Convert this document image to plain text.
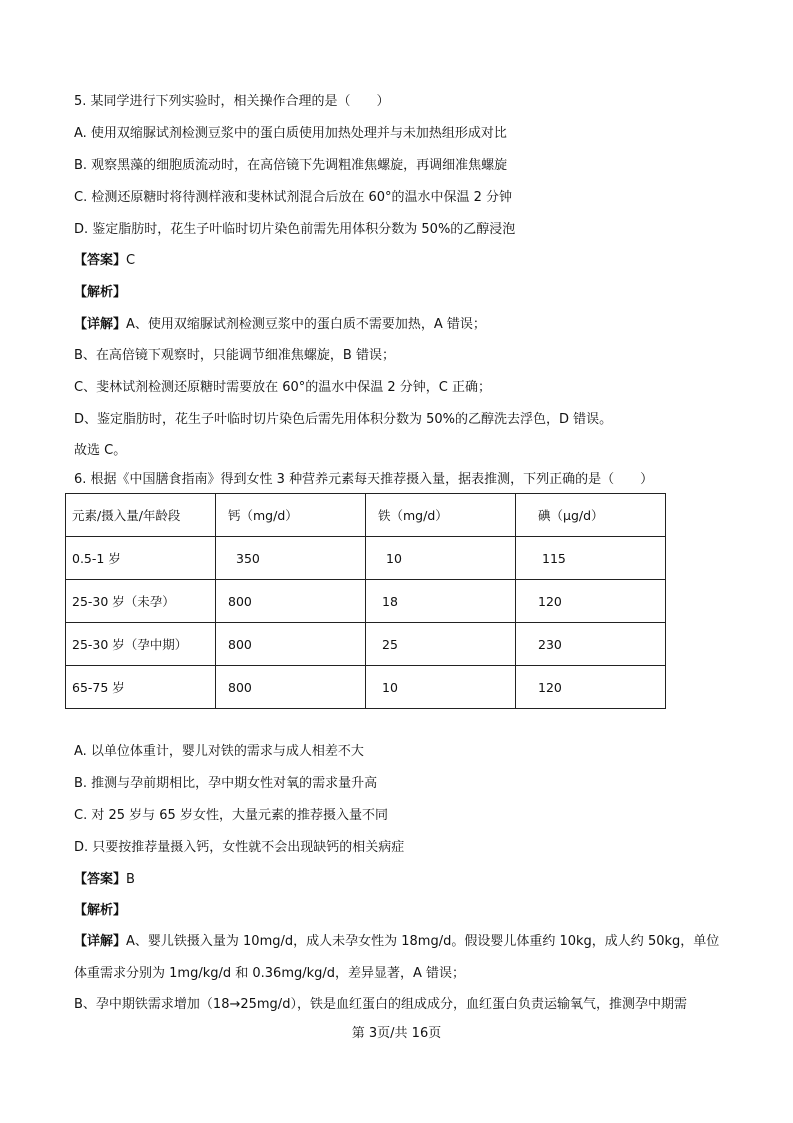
5. 某同学进行下列实验时，相关操作合理的是（　　）
A. 使用双缩脲试剂检测豆浆中的蛋白质使用加热处理并与未加热组形成对比
B. 观察黑藻的细胞质流动时，在高倍镜下先调粗准焦螺旋，再调细准焦螺旋
C. 检测还原糖时将待测样液和斐林试剂混合后放在 60°的温水中保温 2 分钟
D. 鉴定脂肪时，花生子叶临时切片染色前需先用体积分数为 50%的乙醇浸泡
【答案】C
【解析】
【详解】A、使用双缩脲试剂检测豆浆中的蛋白质不需要加热，A 错误；
B、在高倍镜下观察时，只能调节细准焦螺旋，B 错误；
C、斐林试剂检测还原糖时需要放在 60°的温水中保温 2 分钟，C 正确；
D、鉴定脂肪时，花生子叶临时切片染色后需先用体积分数为 50%的乙醇洗去浮色，D 错误。
故选 C。
6. 根据《中国膳食指南》得到女性 3 种营养元素每天推荐摄入量，据表推测，下列正确的是（　　）
元素/摄入量/年龄段	钙（mg/d）	铁（mg/d）	碘（μg/d）
0.5-1 岁	350	10	115
25-30 岁（未孕）	800	18	120
25-30 岁（孕中期）	800	25	230
65-75 岁	800	10	120
A. 以单位体重计，婴儿对铁的需求与成人相差不大
B. 推测与孕前期相比，孕中期女性对氧的需求量升高
C. 对 25 岁与 65 岁女性，大量元素的推荐摄入量不同
D. 只要按推荐量摄入钙，女性就不会出现缺钙的相关病症
【答案】B
【解析】
【详解】A、婴儿铁摄入量为 10mg/d，成人未孕女性为 18mg/d。假设婴儿体重约 10kg，成人约 50kg，单位
体重需求分别为 1mg/kg/d 和 0.36mg/kg/d，差异显著，A 错误；
B、孕中期铁需求增加（18→25mg/d），铁是血红蛋白的组成成分，血红蛋白负责运输氧气，推测孕中期需
第 3页/共 16页
